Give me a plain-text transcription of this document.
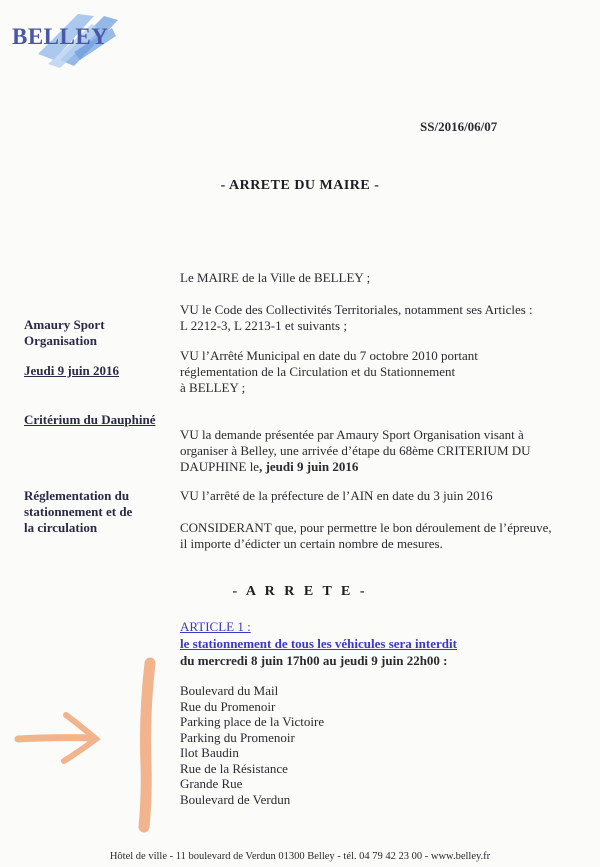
BELLEY
SS/2016/06/07
- ARRETE DU MAIRE -
Amaury Sport
Organisation
Jeudi 9 juin 2016
Critérium du Dauphiné
Réglementation du
stationnement et de
la circulation
Le MAIRE de la Ville de BELLEY ;
VU le Code des Collectivités Territoriales, notamment ses Articles :
L 2212-3, L 2213-1 et suivants ;
VU l’Arrêté Municipal en date du 7 octobre 2010 portant
réglementation de la Circulation et du Stationnement
à BELLEY ;
VU la demande présentée par Amaury Sport Organisation visant à
organiser à Belley, une arrivée d’étape du 68ème CRITERIUM DU
DAUPHINE le, jeudi 9 juin 2016
VU l’arrêté de la préfecture de l’AIN en date du 3 juin 2016
CONSIDERANT que, pour permettre le bon déroulement de l’épreuve,
il importe d’édicter un certain nombre de mesures.
- A R R E T E -
ARTICLE 1 :
le stationnement de tous les véhicules sera interdit
du mercredi 8 juin 17h00 au jeudi 9 juin 22h00 :
Boulevard du Mail
Rue du Promenoir
Parking place de la Victoire
Parking du Promenoir
Ilot Baudin
Rue de la Résistance
Grande Rue
Boulevard de Verdun
Hôtel de ville - 11 boulevard de Verdun 01300 Belley - tél. 04 79 42 23 00 - www.belley.fr
